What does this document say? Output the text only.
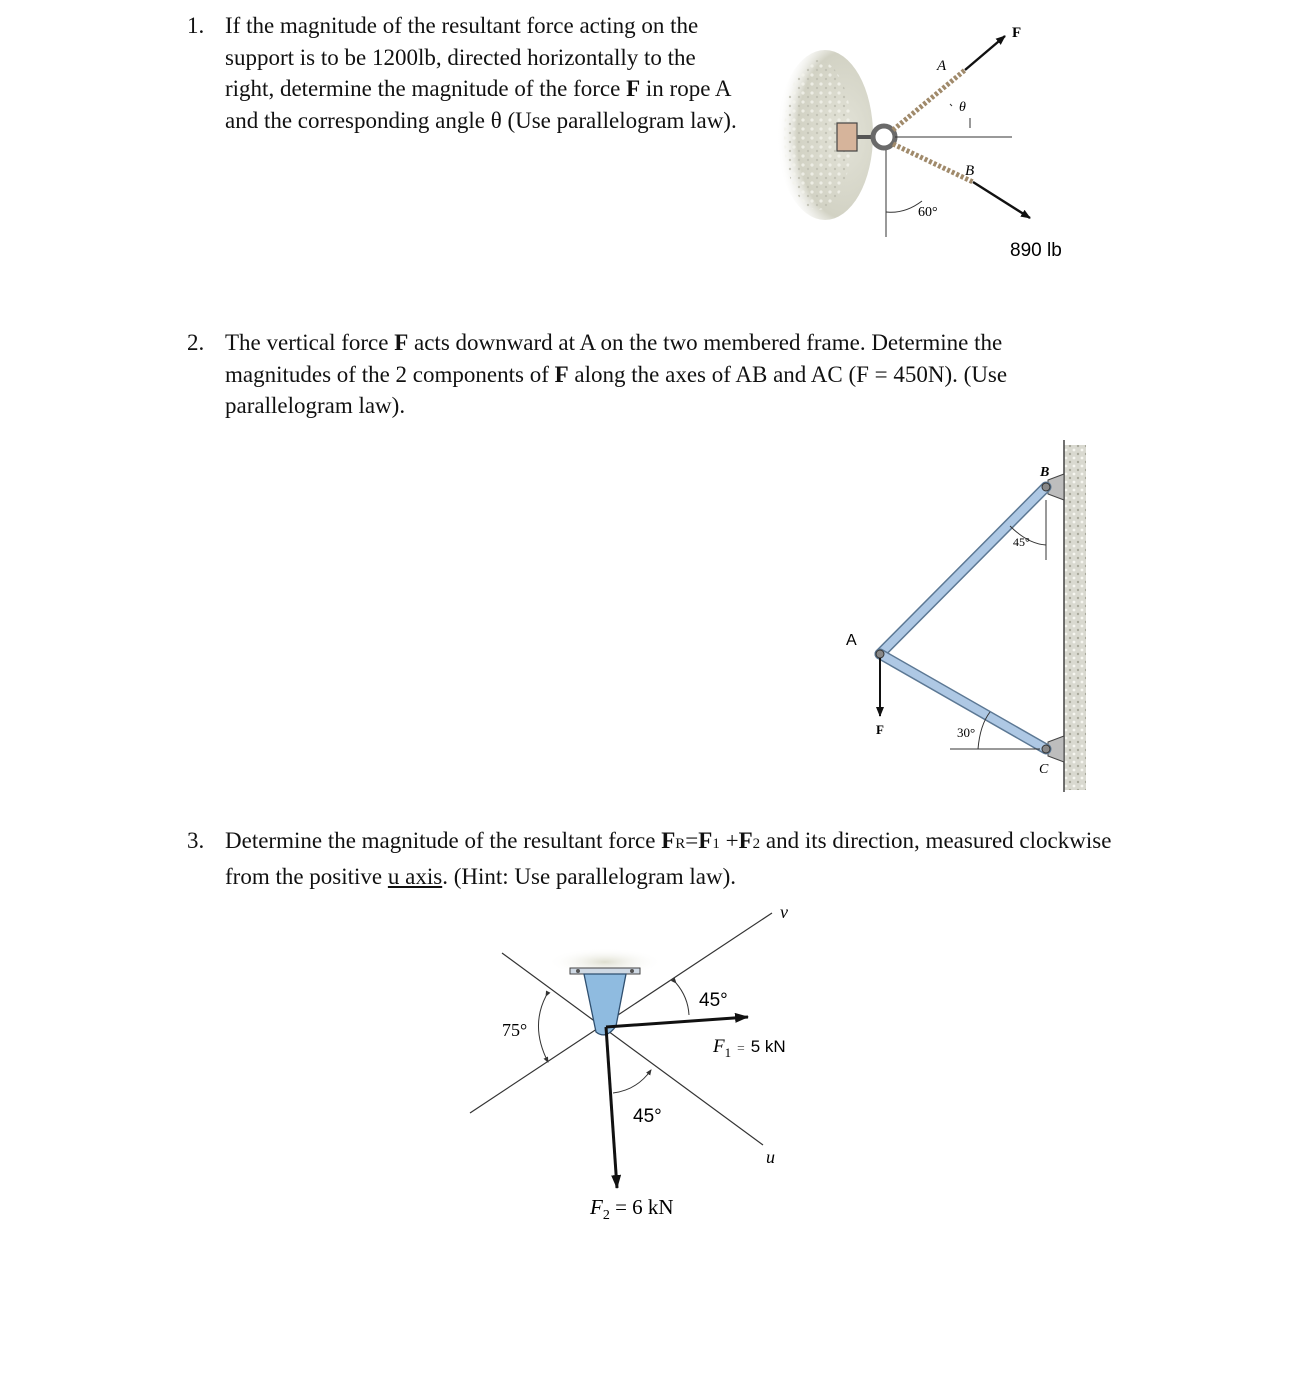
1. If the magnitude of the resultant force acting on the support is to be 1200lb, directed horizontally to the right, determine the magnitude of the force F in rope A and the corresponding angle θ (Use parallelogram law).
F
A
θ
B
60°
890 lb
2. The vertical force F acts downward at A on the two membered frame. Determine the magnitudes of the 2 components of F along the axes of AB and AC (F = 450N). (Use parallelogram law).
B
45°
A
F	30°
C
3. Determine the magnitude of the resultant force FR=F1 +F2 and its direction, measured clockwise from the positive u axis. (Hint: Use parallelogram law).
v
45°
75°
$F_1$ = 5 kN
45°
u
$F_2 = 6$ kN
